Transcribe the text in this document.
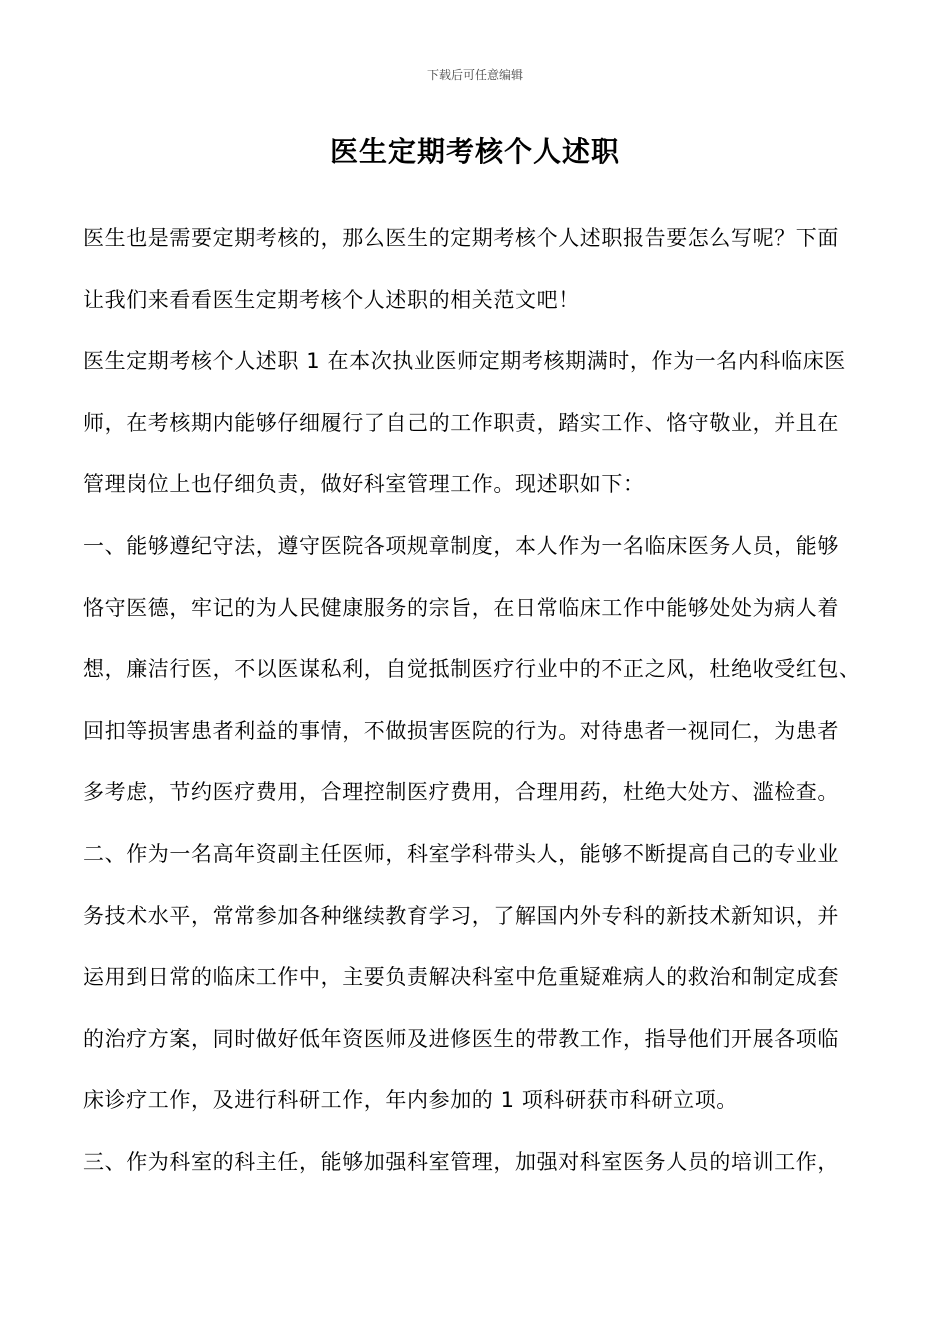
下载后可任意编辑
医生定期考核个人述职
医生也是需要定期考核的，那么医生的定期考核个人述职报告要怎么写呢？下面
让我们来看看医生定期考核个人述职的相关范文吧！
医生定期考核个人述职 1 在本次执业医师定期考核期满时，作为一名内科临床医
师，在考核期内能够仔细履行了自己的工作职责，踏实工作、恪守敬业，并且在
管理岗位上也仔细负责，做好科室管理工作。现述职如下：
一、能够遵纪守法，遵守医院各项规章制度，本人作为一名临床医务人员，能够
恪守医德，牢记的为人民健康服务的宗旨，在日常临床工作中能够处处为病人着
想，廉洁行医，不以医谋私利，自觉抵制医疗行业中的不正之风，杜绝收受红包、
回扣等损害患者利益的事情，不做损害医院的行为。对待患者一视同仁，为患者
多考虑，节约医疗费用，合理控制医疗费用，合理用药，杜绝大处方、滥检查。
二、作为一名高年资副主任医师，科室学科带头人，能够不断提高自己的专业业
务技术水平，常常参加各种继续教育学习，了解国内外专科的新技术新知识，并
运用到日常的临床工作中，主要负责解决科室中危重疑难病人的救治和制定成套
的治疗方案，同时做好低年资医师及进修医生的带教工作，指导他们开展各项临
床诊疗工作，及进行科研工作，年内参加的 1 项科研获市科研立项。
三、作为科室的科主任，能够加强科室管理，加强对科室医务人员的培训工作，
